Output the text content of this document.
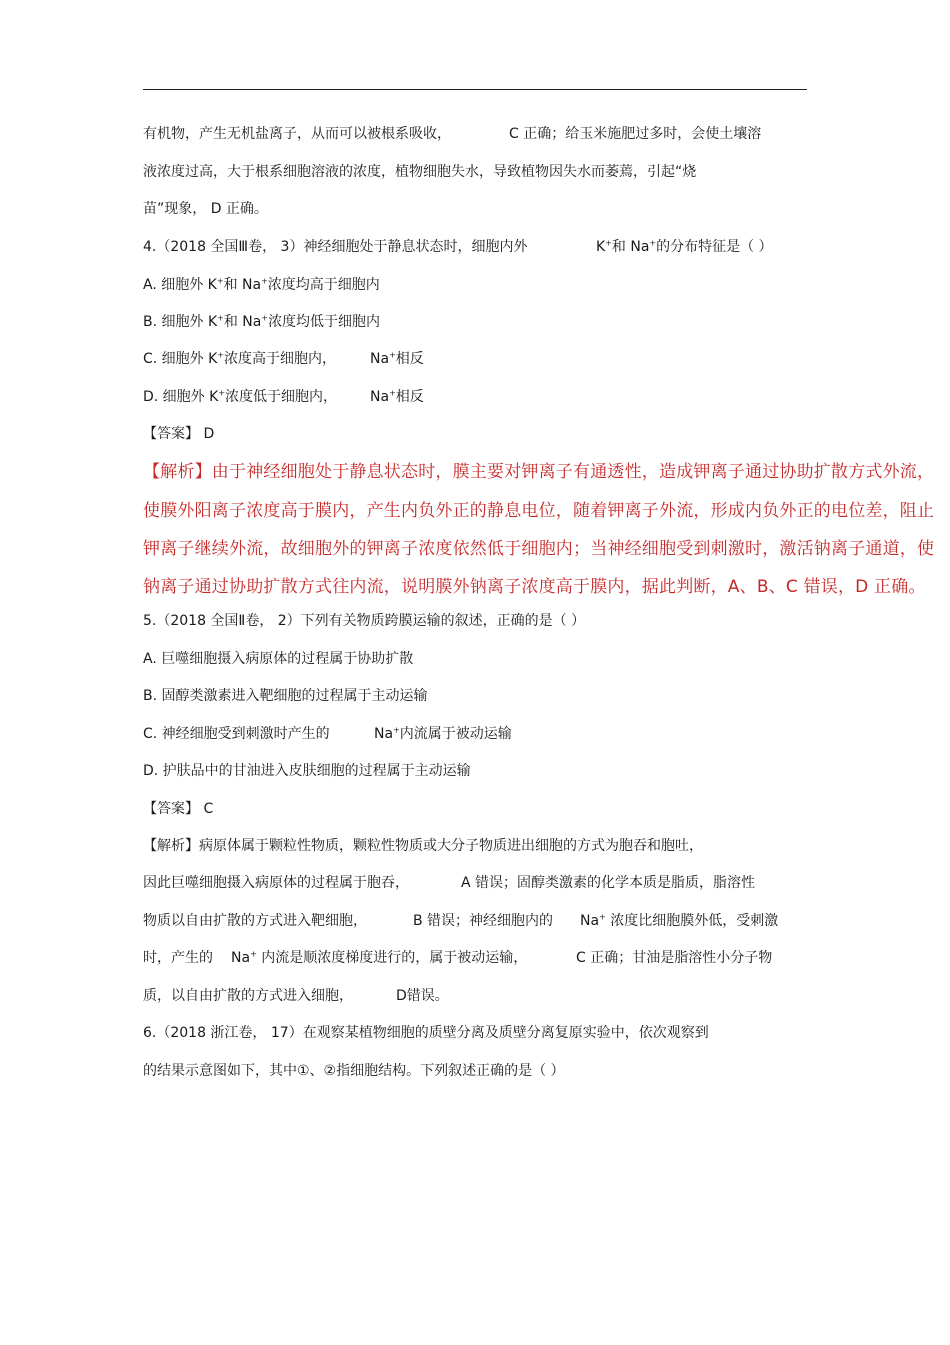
有机物，产生无机盐离子，从而可以被根系吸收，	C 正确；给玉米施肥过多时，会使土壤溶
液浓度过高，大于根系细胞溶液的浓度，植物细胞失水，导致植物因失水而萎蔫，引起“烧
苗”现象， D 正确。
4.（2018 全国Ⅲ卷， 3）神经细胞处于静息状态时，细胞内外	K+和 Na+的分布特征是（ ）
A. 细胞外 K+和 Na+浓度均高于细胞内
B. 细胞外 K+和 Na+浓度均低于细胞内
C. 细胞外 K+浓度高于细胞内， Na+相反
D. 细胞外 K+浓度低于细胞内， Na+相反
【答案】 D
【解析】由于神经细胞处于静息状态时，膜主要对钾离子有通透性，造成钾离子通过协助扩散方式外流，
使膜外阳离子浓度高于膜内，产生内负外正的静息电位，随着钾离子外流，形成内负外正的电位差，阻止
钾离子继续外流，故细胞外的钾离子浓度依然低于细胞内；当神经细胞受到刺激时，激活钠离子通道，使
钠离子通过协助扩散方式往内流，说明膜外钠离子浓度高于膜内，据此判断，A、B、C 错误，D 正确。
5.（2018 全国Ⅱ卷， 2）下列有关物质跨膜运输的叙述，正确的是（ ）
A. 巨噬细胞摄入病原体的过程属于协助扩散
B. 固醇类激素进入靶细胞的过程属于主动运输
C. 神经细胞受到刺激时产生的	Na+内流属于被动运输
D. 护肤品中的甘油进入皮肤细胞的过程属于主动运输
【答案】 C
【解析】病原体属于颗粒性物质，颗粒性物质或大分子物质进出细胞的方式为胞吞和胞吐，
因此巨噬细胞摄入病原体的过程属于胞吞，	A 错误；固醇类激素的化学本质是脂质，脂溶性
物质以自由扩散的方式进入靶细胞，	B 错误；神经细胞内的 Na+ 浓度比细胞膜外低，受刺激
时，产生的 Na+ 内流是顺浓度梯度进行的，属于被动运输，	C 正确；甘油是脂溶性小分子物
质，以自由扩散的方式进入细胞，	D错误。
6.（2018 浙江卷， 17）在观察某植物细胞的质壁分离及质壁分离复原实验中，依次观察到
的结果示意图如下，其中①、②指细胞结构。下列叙述正确的是（ ）
